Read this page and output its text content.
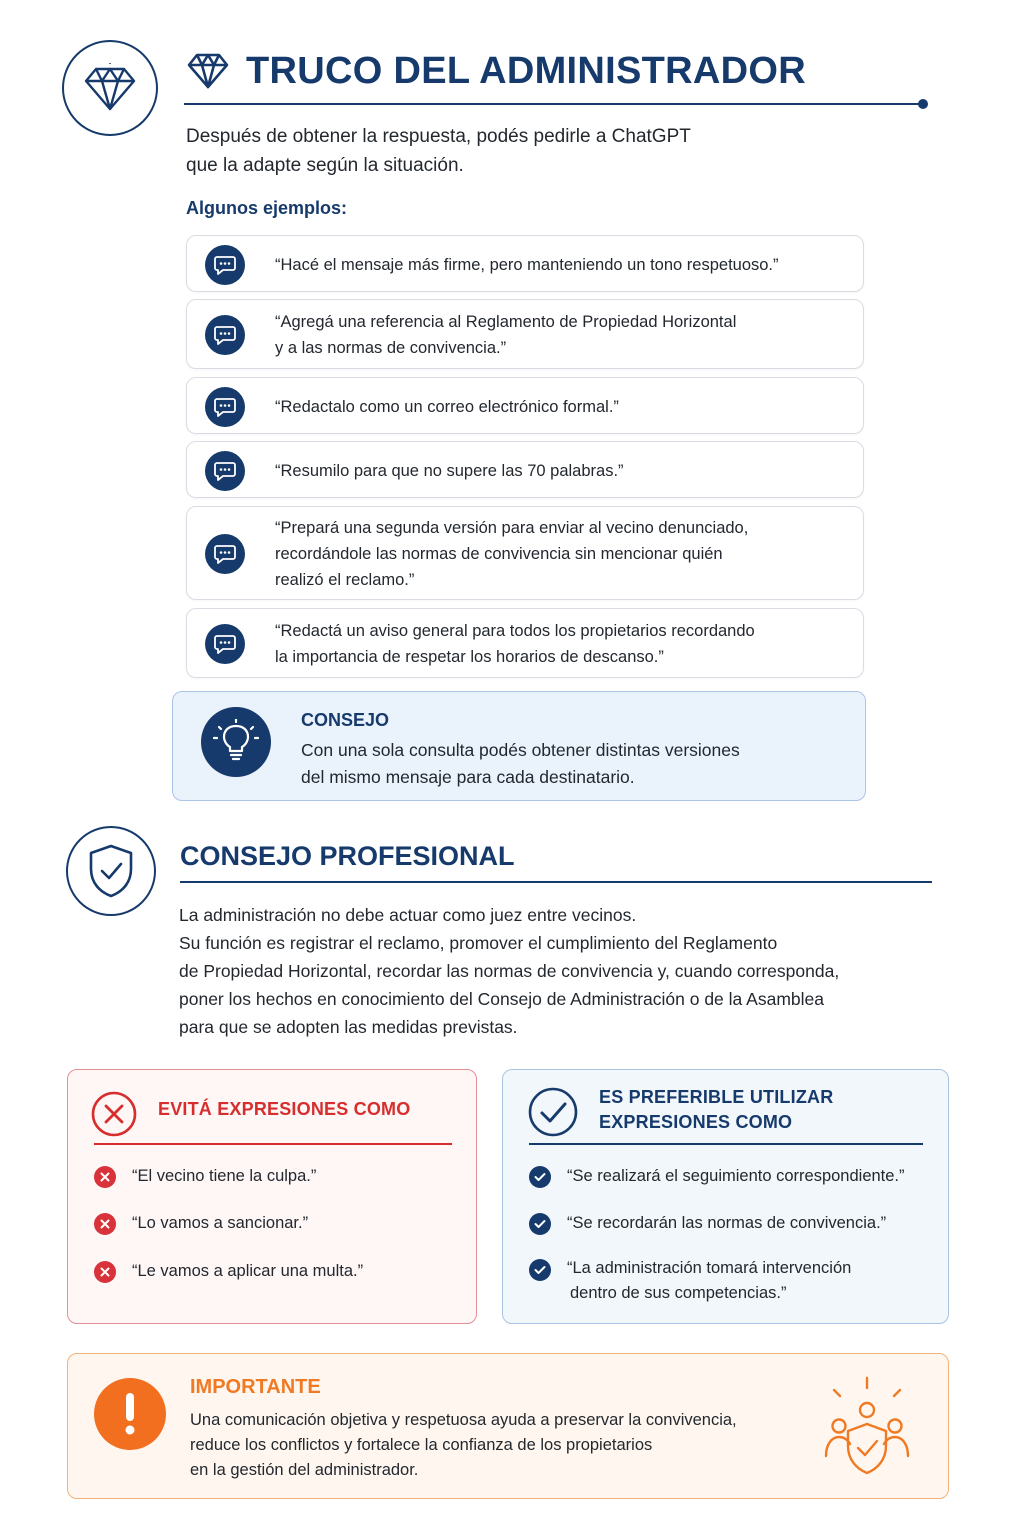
TRUCO DEL ADMINISTRADOR
Después de obtener la respuesta, podés pedirle a ChatGPT
que la adapte según la situación.
Algunos ejemplos:
“Hacé el mensaje más firme, pero manteniendo un tono respetuoso.”
“Agregá una referencia al Reglamento de Propiedad Horizontal
y a las normas de convivencia.”
“Redactalo como un correo electrónico formal.”
“Resumilo para que no supere las 70 palabras.”
“Prepará una segunda versión para enviar al vecino denunciado,
recordándole las normas de convivencia sin mencionar quién
realizó el reclamo.”
“Redactá un aviso general para todos los propietarios recordando
la importancia de respetar los horarios de descanso.”
CONSEJO
Con una sola consulta podés obtener distintas versiones
del mismo mensaje para cada destinatario.
CONSEJO PROFESIONAL
La administración no debe actuar como juez entre vecinos.
Su función es registrar el reclamo, promover el cumplimiento del Reglamento
de Propiedad Horizontal, recordar las normas de convivencia y, cuando corresponda,
poner los hechos en conocimiento del Consejo de Administración o de la Asamblea
para que se adopten las medidas previstas.
EVITÁ EXPRESIONES COMO
“El vecino tiene la culpa.”
“Lo vamos a sancionar.”
“Le vamos a aplicar una multa.”
ES PREFERIBLE UTILIZAR
EXPRESIONES COMO
“Se realizará el seguimiento correspondiente.”
“Se recordarán las normas de convivencia.”
“La administración tomará intervención
dentro de sus competencias.”
IMPORTANTE
Una comunicación objetiva y respetuosa ayuda a preservar la convivencia,
reduce los conflictos y fortalece la confianza de los propietarios
en la gestión del administrador.
